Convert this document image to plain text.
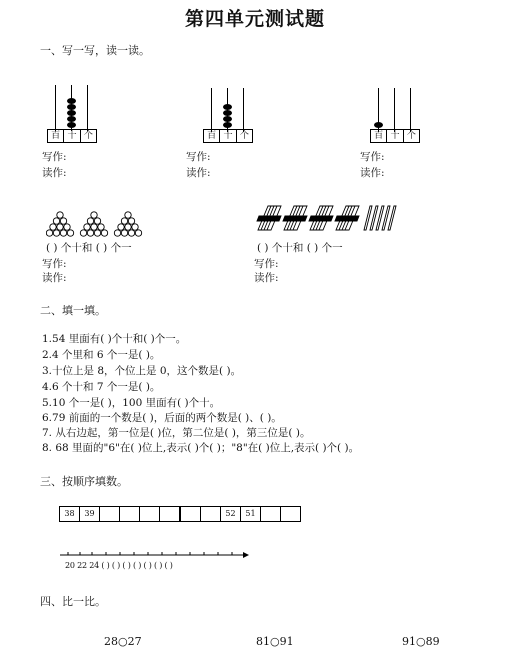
第四单元测试题
一、写一写，读一读。
百 十 个	百 十 个	百 十 个
写作:
读作:
写作:
读作:
写作:
读作:
( ) 个十和 ( ) 个一	( ) 个十和 ( ) 个一
写作:
读作:
写作:
读作:
二、填一填。
1.54 里面有( )个十和( )个一。
2.4 个里和 6 个一是( )。
3.十位上是 8，个位上是 0，这个数是( )。
4.6 个十和 7 个一是( )。
5.10 个一是( )，100 里面有( )个十。
6.79 前面的一个数是( )，后面的两个数是( )、( )。
7. 从右边起，第一位是( )位，第二位是( )，第三位是( )。
8. 68 里面的"6"在( )位上,表示( )个( )；"8"在( )位上,表示( )个( )。
三、按顺序填数。
38	39	52	51
20 22 24 ( ) ( ) ( ) ( ) ( ) ( ) ( )
四、比一比。
28○27	81○91	91○89
